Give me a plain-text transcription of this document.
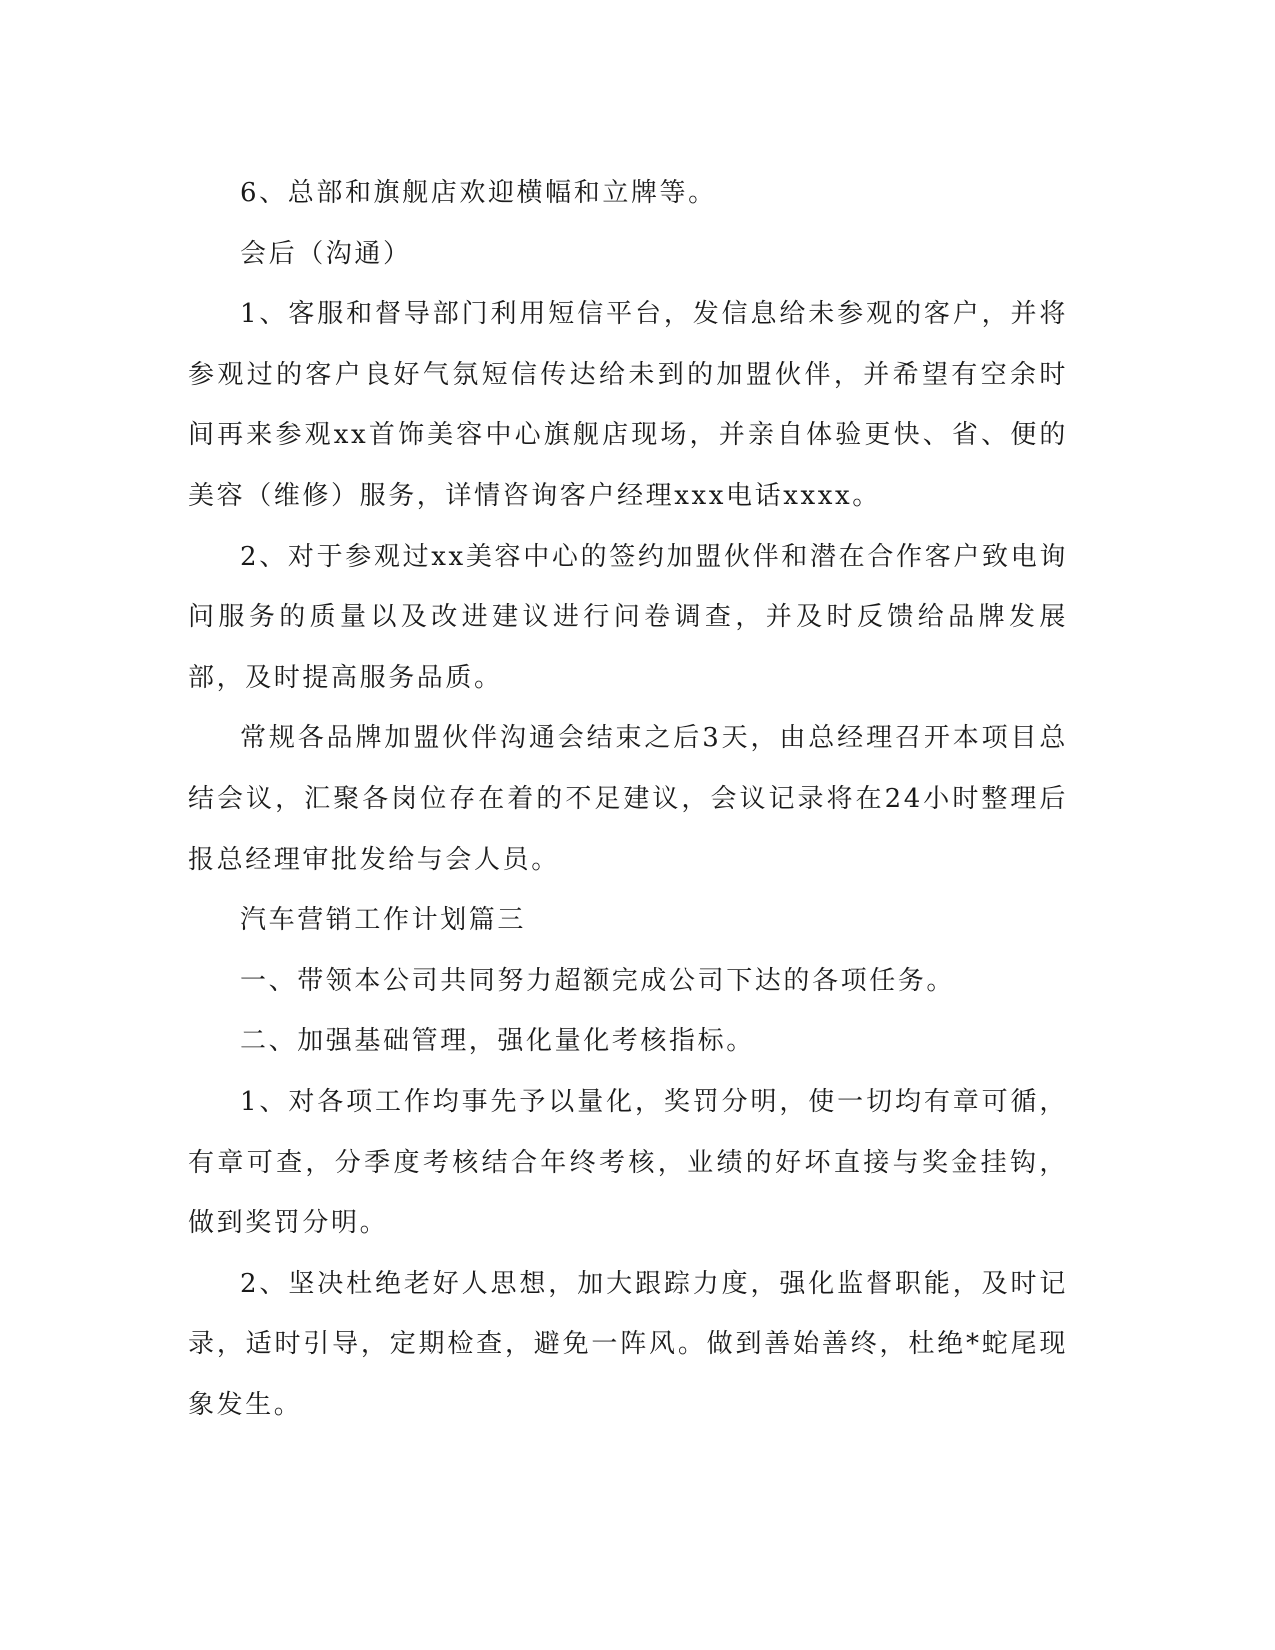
6、总部和旗舰店欢迎横幅和立牌等。

会后（沟通）

1、客服和督导部门利用短信平台，发信息给未参观的客户，并将参观过的客户良好气氛短信传达给未到的加盟伙伴，并希望有空余时间再来参观xx首饰美容中心旗舰店现场，并亲自体验更快、省、便的美容（维修）服务，详情咨询客户经理xxx电话xxxx。

2、对于参观过xx美容中心的签约加盟伙伴和潜在合作客户致电询问服务的质量以及改进建议进行问卷调查，并及时反馈给品牌发展部，及时提高服务品质。

常规各品牌加盟伙伴沟通会结束之后3天，由总经理召开本项目总结会议，汇聚各岗位存在着的不足建议，会议记录将在24小时整理后报总经理审批发给与会人员。

汽车营销工作计划篇三

一、带领本公司共同努力超额完成公司下达的各项任务。

二、加强基础管理，强化量化考核指标。

1、对各项工作均事先予以量化，奖罚分明，使一切均有章可循，有章可查，分季度考核结合年终考核，业绩的好坏直接与奖金挂钩，做到奖罚分明。

2、坚决杜绝老好人思想，加大跟踪力度，强化监督职能，及时记录，适时引导，定期检查，避免一阵风。做到善始善终，杜绝*蛇尾现象发生。
